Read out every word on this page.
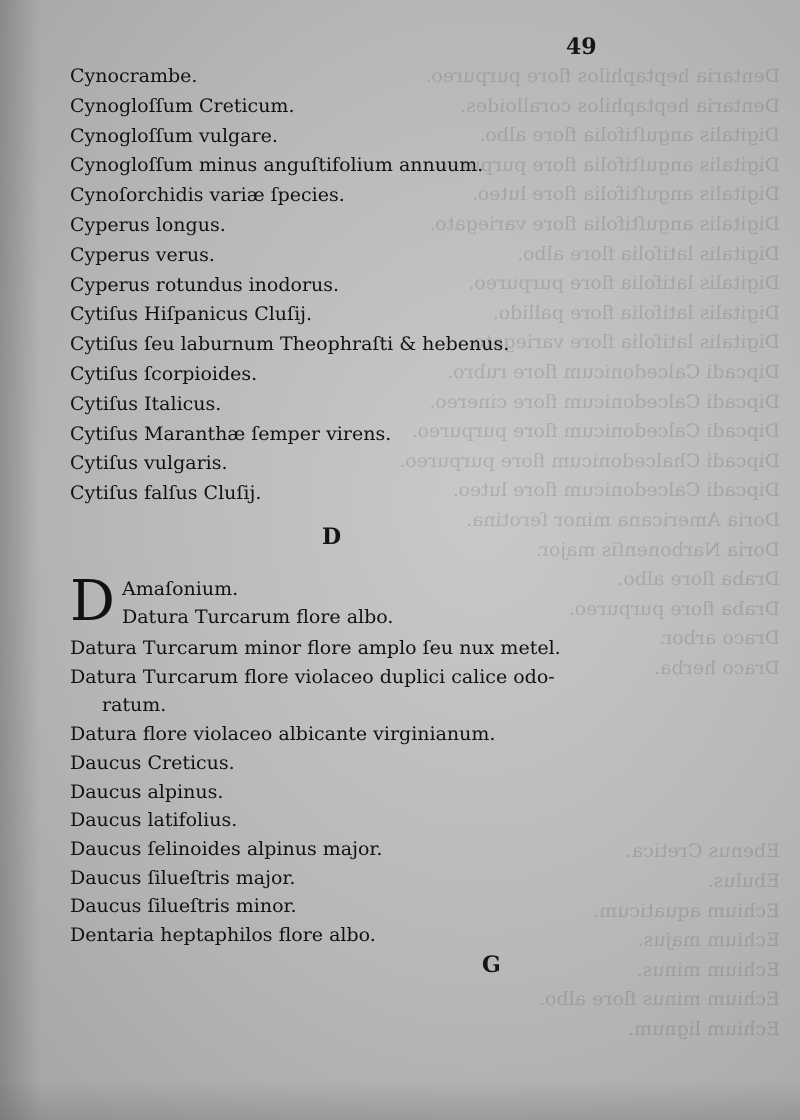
Dentaria heptaphilos flore purpureo.
Dentaria heptaphilos coralloides.
Digitalis anguſtifolia flore albo.
Digitalis anguſtifolia flore purpureo.
Digitalis anguſtifolia flore luteo.
Digitalis anguſtifolia flore variegato.
Digitalis latifolia flore albo.
Digitalis latifolia flore purpureo.
Digitalis latifolia flore pallido.
Digitalis latifolia flore variegato.
Dipcadi Calcedonicum flore rubro.
Dipcadi Calcedonicum flore cinereo.
Dipcadi Calcedonicum flore purpureo.
Dipcadi Chalcedonicum flore purpureo.
Dipcadi Calcedonicum flore luteo.
Doria Americana minor ſerotina.
Doria Narbonenſis major.
Draba flore albo.
Draba flore purpureo.
Draco arbor.
Draco herba.
Ebenus Cretica.
Ebulus.
Echium aquaticum.
Echium majus.
Echium minus.
Echium minus flore albo.
Echium lignum.
49
Cynocrambe.
Cynogloſſum Creticum.
Cynogloſſum vulgare.
Cynogloſſum minus anguſtifolium annuum.
Cynoſorchidis variæ ſpecies.
Cyperus longus.
Cyperus verus.
Cyperus rotundus inodorus.
Cytiſus Hiſpanicus Cluſij.
Cytiſus ſeu laburnum Theophraſti & hebenus.
Cytiſus ſcorpioides.
Cytiſus Italicus.
Cytiſus Maranthæ ſemper virens.
Cytiſus vulgaris.
Cytiſus falſus Cluſij.
D
D Amaſonium.
Datura Turcarum flore albo.
Datura Turcarum minor flore amplo ſeu nux metel.
Datura Turcarum flore violaceo duplici calice odo-
ratum.
Datura flore violaceo albicante virginianum.
Daucus Creticus.
Daucus alpinus.
Daucus latifolius.
Daucus ſelinoides alpinus major.
Daucus ſilueſtris major.
Daucus ſilueſtris minor.
Dentaria heptaphilos flore albo.
G
